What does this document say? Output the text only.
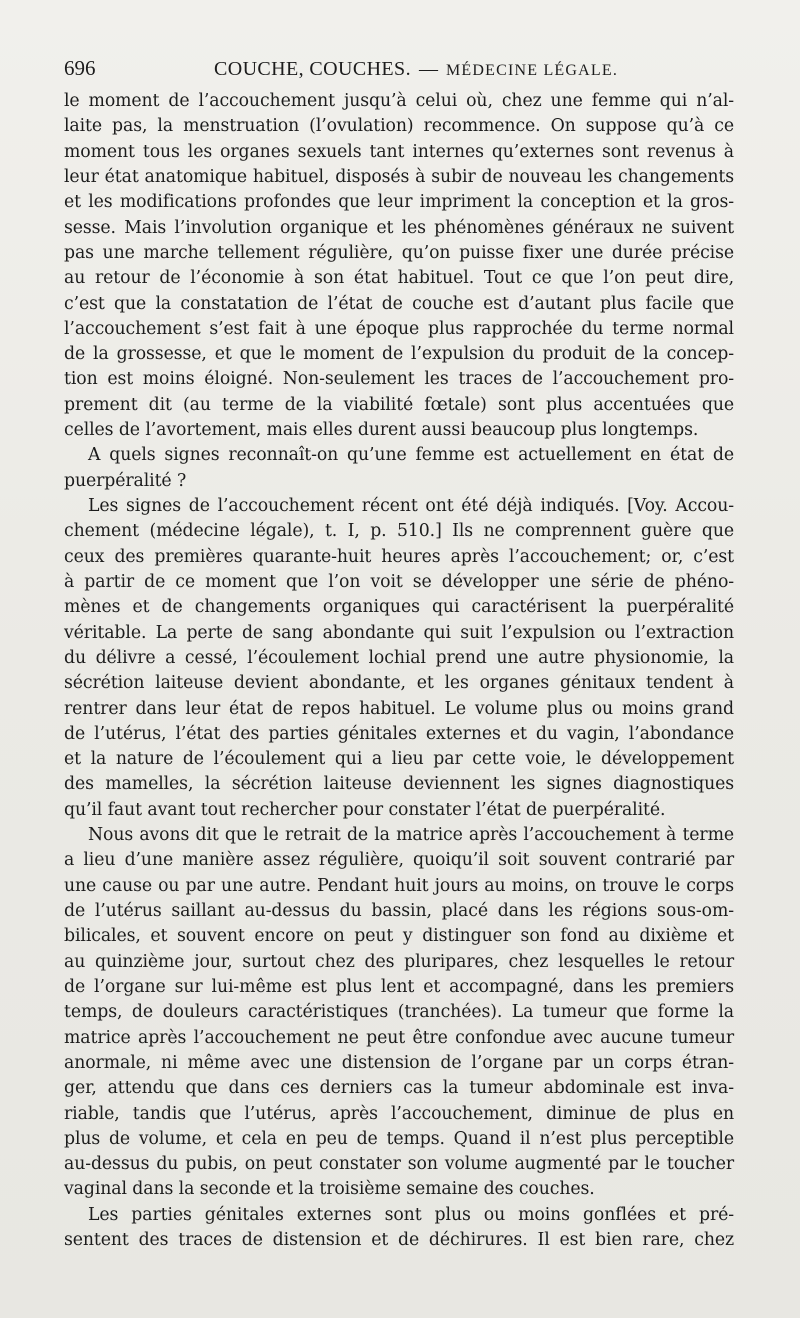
696	COUCHE, COUCHES. — MÉDECINE LÉGALE.
le moment de l’accouchement jusqu’à celui où, chez une femme qui n’al-
laite pas, la menstruation (l’ovulation) recommence. On suppose qu’à ce
moment tous les organes sexuels tant internes qu’externes sont revenus à
leur état anatomique habituel, disposés à subir de nouveau les changements
et les modifications profondes que leur impriment la conception et la gros-
sesse. Mais l’involution organique et les phénomènes généraux ne suivent
pas une marche tellement régulière, qu’on puisse fixer une durée précise
au retour de l’économie à son état habituel. Tout ce que l’on peut dire,
c’est que la constatation de l’état de couche est d’autant plus facile que
l’accouchement s’est fait à une époque plus rapprochée du terme normal
de la grossesse, et que le moment de l’expulsion du produit de la concep-
tion est moins éloigné. Non-seulement les traces de l’accouchement pro-
prement dit (au terme de la viabilité fœtale) sont plus accentuées que
celles de l’avortement, mais elles durent aussi beaucoup plus longtemps.
A quels signes reconnaît-on qu’une femme est actuellement en état de
puerpéralité ?
Les signes de l’accouchement récent ont été déjà indiqués. [Voy. Accou-
chement (médecine légale), t. I, p. 510.] Ils ne comprennent guère que
ceux des premières quarante-huit heures après l’accouchement; or, c’est
à partir de ce moment que l’on voit se développer une série de phéno-
mènes et de changements organiques qui caractérisent la puerpéralité
véritable. La perte de sang abondante qui suit l’expulsion ou l’extraction
du délivre a cessé, l’écoulement lochial prend une autre physionomie, la
sécrétion laiteuse devient abondante, et les organes génitaux tendent à
rentrer dans leur état de repos habituel. Le volume plus ou moins grand
de l’utérus, l’état des parties génitales externes et du vagin, l’abondance
et la nature de l’écoulement qui a lieu par cette voie, le développement
des mamelles, la sécrétion laiteuse deviennent les signes diagnostiques
qu’il faut avant tout rechercher pour constater l’état de puerpéralité.
Nous avons dit que le retrait de la matrice après l’accouchement à terme
a lieu d’une manière assez régulière, quoiqu’il soit souvent contrarié par
une cause ou par une autre. Pendant huit jours au moins, on trouve le corps
de l’utérus saillant au-dessus du bassin, placé dans les régions sous-om-
bilicales, et souvent encore on peut y distinguer son fond au dixième et
au quinzième jour, surtout chez des pluripares, chez lesquelles le retour
de l’organe sur lui-même est plus lent et accompagné, dans les premiers
temps, de douleurs caractéristiques (tranchées). La tumeur que forme la
matrice après l’accouchement ne peut être confondue avec aucune tumeur
anormale, ni même avec une distension de l’organe par un corps étran-
ger, attendu que dans ces derniers cas la tumeur abdominale est inva-
riable, tandis que l’utérus, après l’accouchement, diminue de plus en
plus de volume, et cela en peu de temps. Quand il n’est plus perceptible
au-dessus du pubis, on peut constater son volume augmenté par le toucher
vaginal dans la seconde et la troisième semaine des couches.
Les parties génitales externes sont plus ou moins gonflées et pré-
sentent des traces de distension et de déchirures. Il est bien rare, chez
